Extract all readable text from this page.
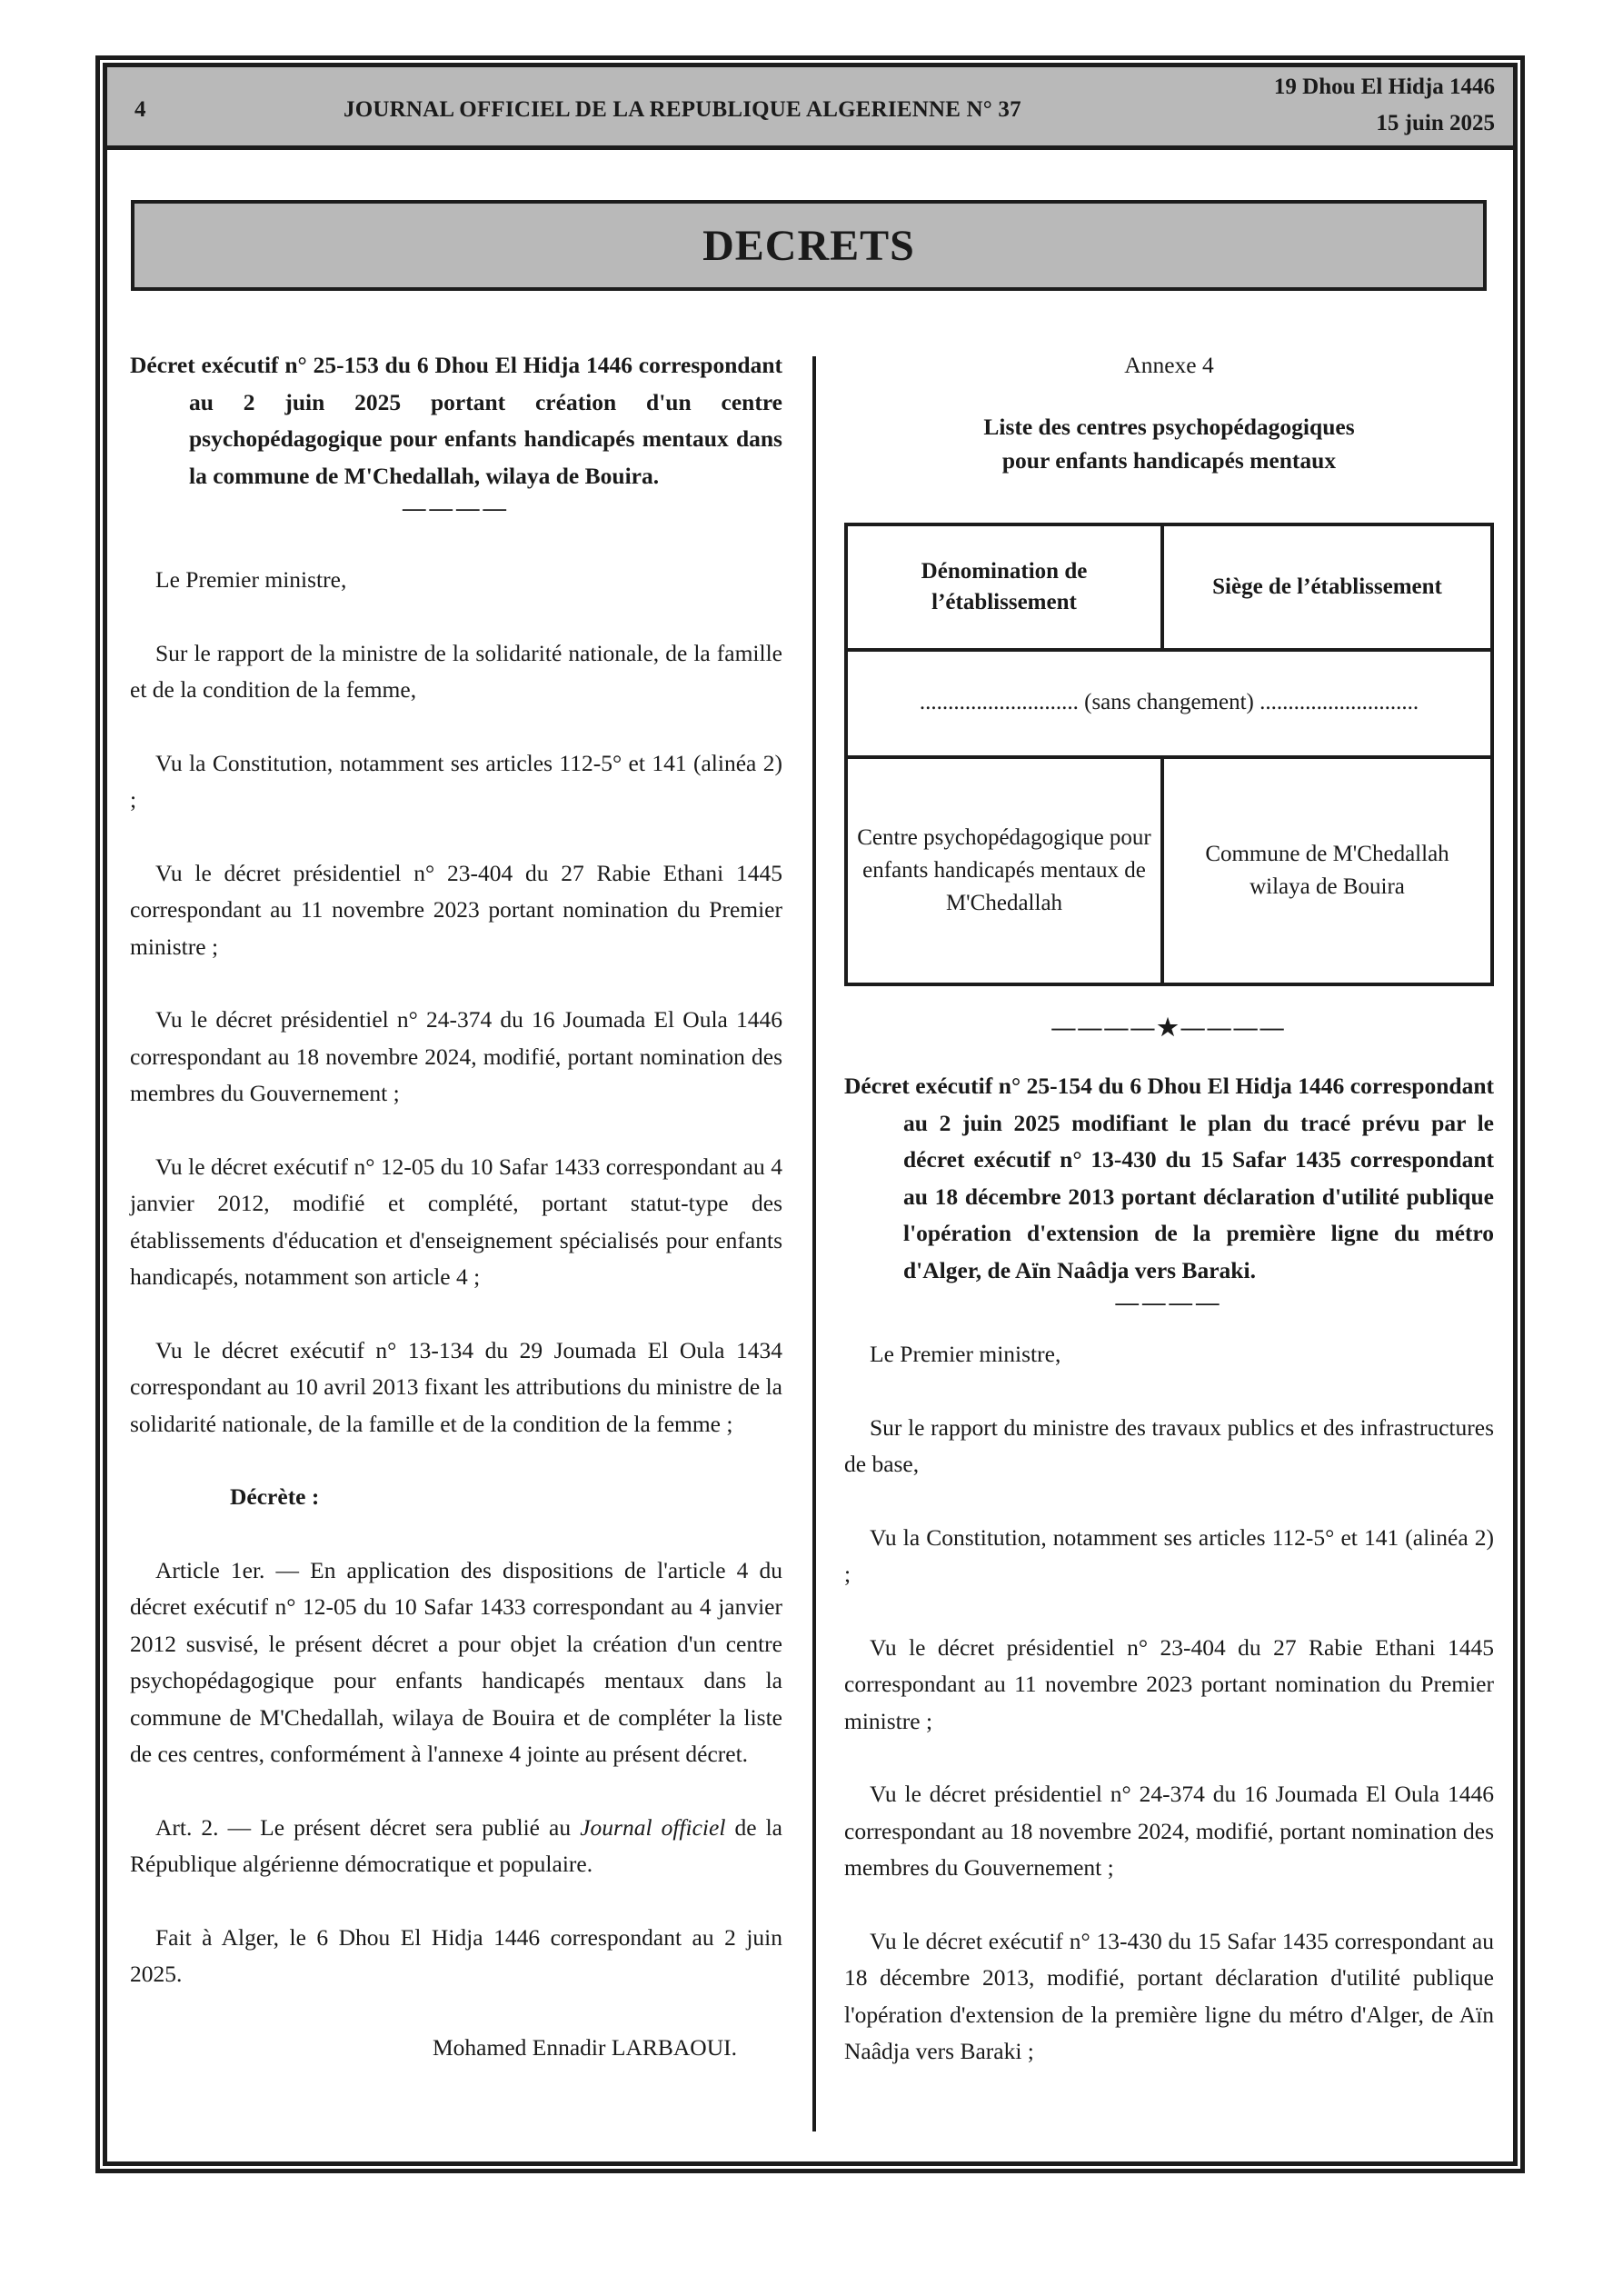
4	JOURNAL OFFICIEL DE LA REPUBLIQUE ALGERIENNE N° 37
19 Dhou El Hidja 1446
15 juin 2025
DECRETS

Décret exécutif n° 25-153 du 6 Dhou El Hidja 1446 correspondant au 2 juin 2025 portant création d'un centre psychopédagogique pour enfants handicapés mentaux dans la commune de M'Chedallah, wilaya de Bouira.

————

Le Premier ministre,

Sur le rapport de la ministre de la solidarité nationale, de la famille et de la condition de la femme,

Vu la Constitution, notamment ses articles 112-5° et 141 (alinéa 2) ;

Vu le décret présidentiel n° 23-404 du 27 Rabie Ethani 1445 correspondant au 11 novembre 2023 portant nomination du Premier ministre ;

Vu le décret présidentiel n° 24-374 du 16 Joumada El Oula 1446 correspondant au 18 novembre 2024, modifié, portant nomination des membres du Gouvernement ;

Vu le décret exécutif n° 12-05 du 10 Safar 1433 correspondant au 4 janvier 2012, modifié et complété, portant statut-type des établissements d'éducation et d'enseignement spécialisés pour enfants handicapés, notamment son article 4 ;

Vu le décret exécutif n° 13-134 du 29 Joumada El Oula 1434 correspondant au 10 avril 2013 fixant les attributions du ministre de la solidarité nationale, de la famille et de la condition de la femme ;

Décrète :

Article 1er. — En application des dispositions de l'article 4 du décret exécutif n° 12-05 du 10 Safar 1433 correspondant au 4 janvier 2012 susvisé, le présent décret a pour objet la création d'un centre psychopédagogique pour enfants handicapés mentaux dans la commune de M'Chedallah, wilaya de Bouira et de compléter la liste de ces centres, conformément à l'annexe 4 jointe au présent décret.

Art. 2. — Le présent décret sera publié au Journal officiel de la République algérienne démocratique et populaire.

Fait à Alger, le 6 Dhou El Hidja 1446 correspondant au 2 juin 2025.

Mohamed Ennadir LARBAOUI.

Annexe 4

Liste des centres psychopédagogiques

pour enfants handicapés mentaux

Dénomination de l’établissement	Siège de l’établissement
............................ (sans changement) ............................	
Centre psychopédagogique pour enfants handicapés mentaux de M'Chedallah	Commune de M'Chedallah wilaya de Bouira

————★————

Décret exécutif n° 25-154 du 6 Dhou El Hidja 1446 correspondant au 2 juin 2025 modifiant le plan du tracé prévu par le décret exécutif n° 13-430 du 15 Safar 1435 correspondant au 18 décembre 2013 portant déclaration d'utilité publique l'opération d'extension de la première ligne du métro d'Alger, de Aïn Naâdja vers Baraki.

————

Le Premier ministre,

Sur le rapport du ministre des travaux publics et des infrastructures de base,

Vu la Constitution, notamment ses articles 112-5° et 141 (alinéa 2) ;

Vu le décret présidentiel n° 23-404 du 27 Rabie Ethani 1445 correspondant au 11 novembre 2023 portant nomination du Premier ministre ;

Vu le décret présidentiel n° 24-374 du 16 Joumada El Oula 1446 correspondant au 18 novembre 2024, modifié, portant nomination des membres du Gouvernement ;

Vu le décret exécutif n° 13-430 du 15 Safar 1435 correspondant au 18 décembre 2013, modifié, portant déclaration d'utilité publique l'opération d'extension de la première ligne du métro d'Alger, de Aïn Naâdja vers Baraki ;
